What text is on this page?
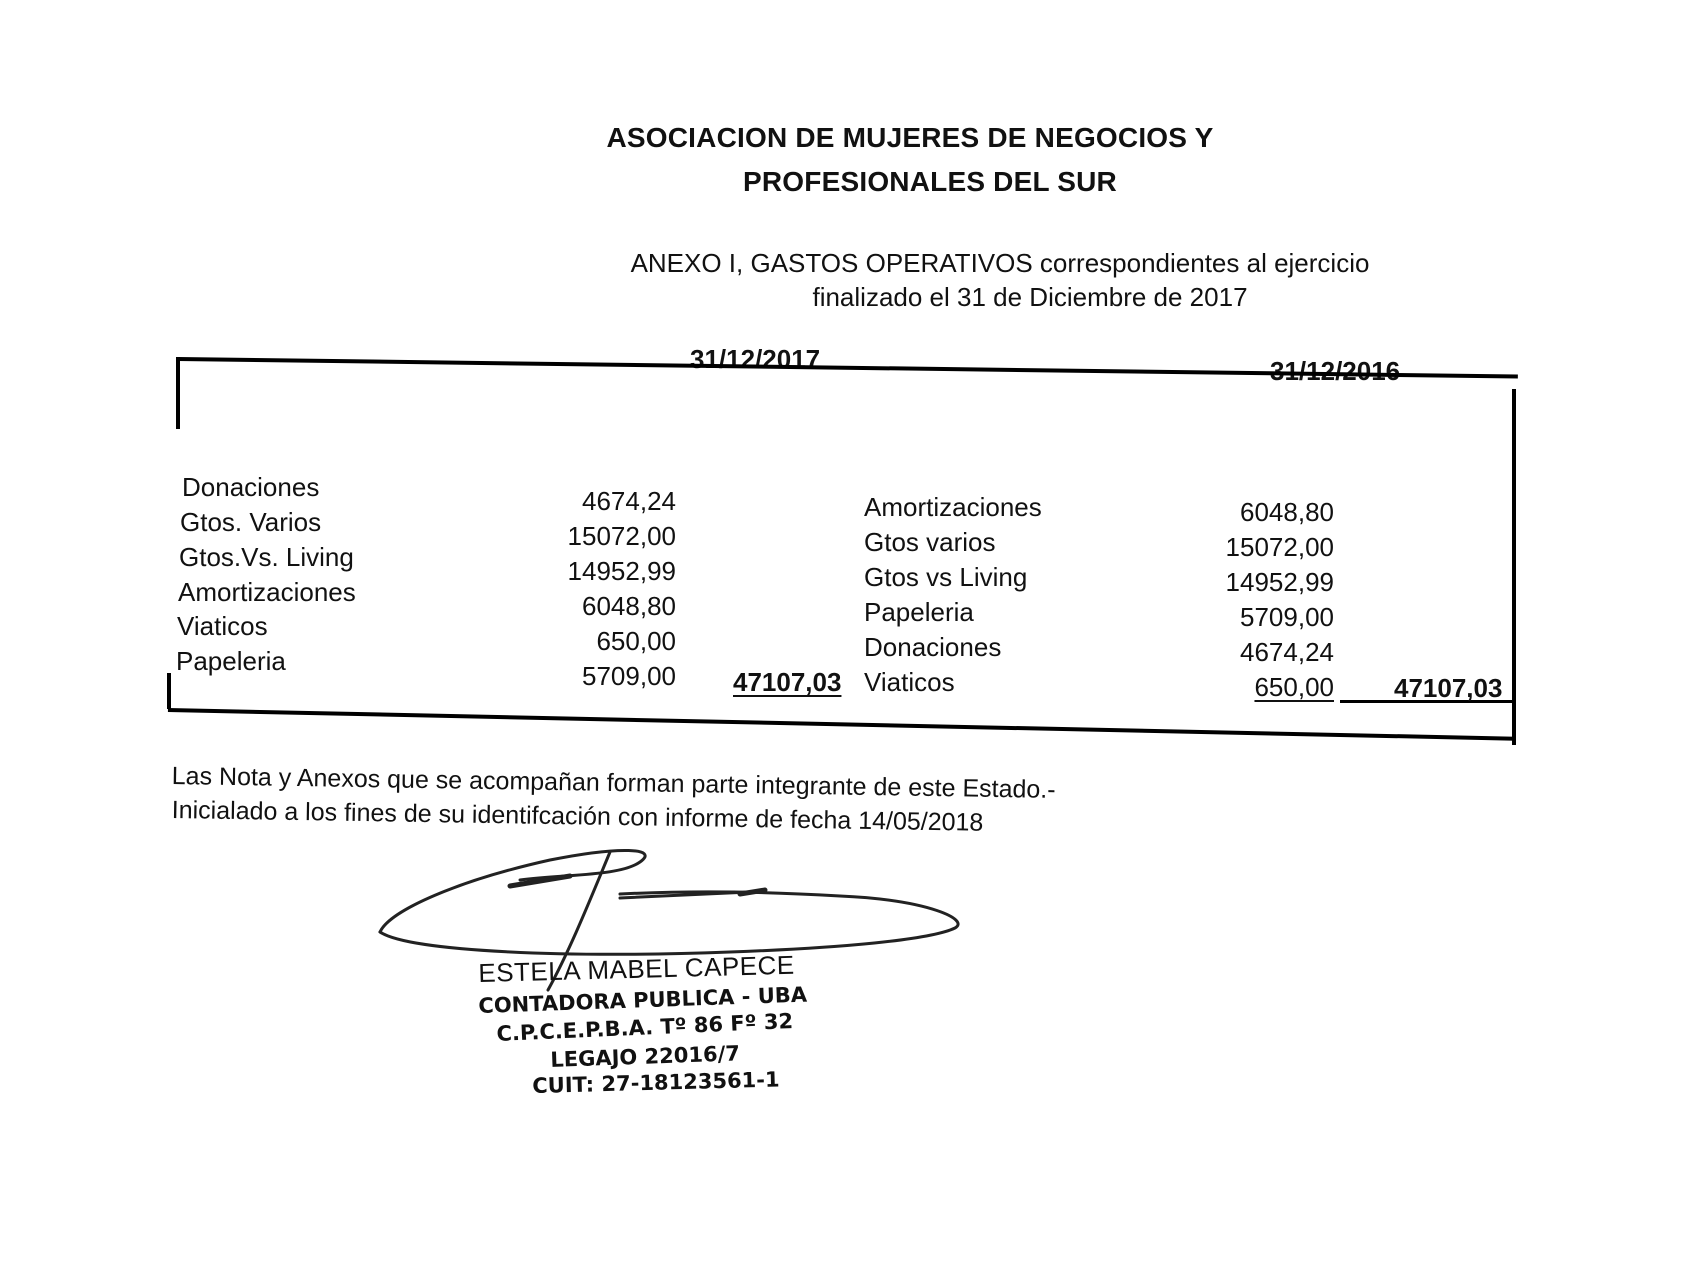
ASOCIACION DE MUJERES DE NEGOCIOS Y
PROFESIONALES DEL SUR
ANEXO I, GASTOS OPERATIVOS correspondientes al ejercicio
finalizado el 31 de Diciembre de 2017
31/12/2017	31/12/2016
Donaciones	4674,24
Gtos. Varios	15072,00
Gtos.Vs. Living	14952,99
Amortizaciones	6048,80
Viaticos	650,00
Papeleria	5709,00 47107,03
Amortizaciones	6048,80
Gtos varios	15072,00
Gtos vs Living	14952,99
Papeleria	5709,00
Donaciones	4674,24
Viaticos	650,00 47107,03
Las Nota y Anexos que se acompañan forman parte integrante de este Estado.-
Inicialado a los fines de su identifcación con informe de fecha 14/05/2018
ESTELA MABEL CAPECE
CONTADORA PUBLICA - UBA
C.P.C.E.P.B.A. Tº 86 Fº 32
LEGAJO 22016/7
CUIT: 27-18123561-1
